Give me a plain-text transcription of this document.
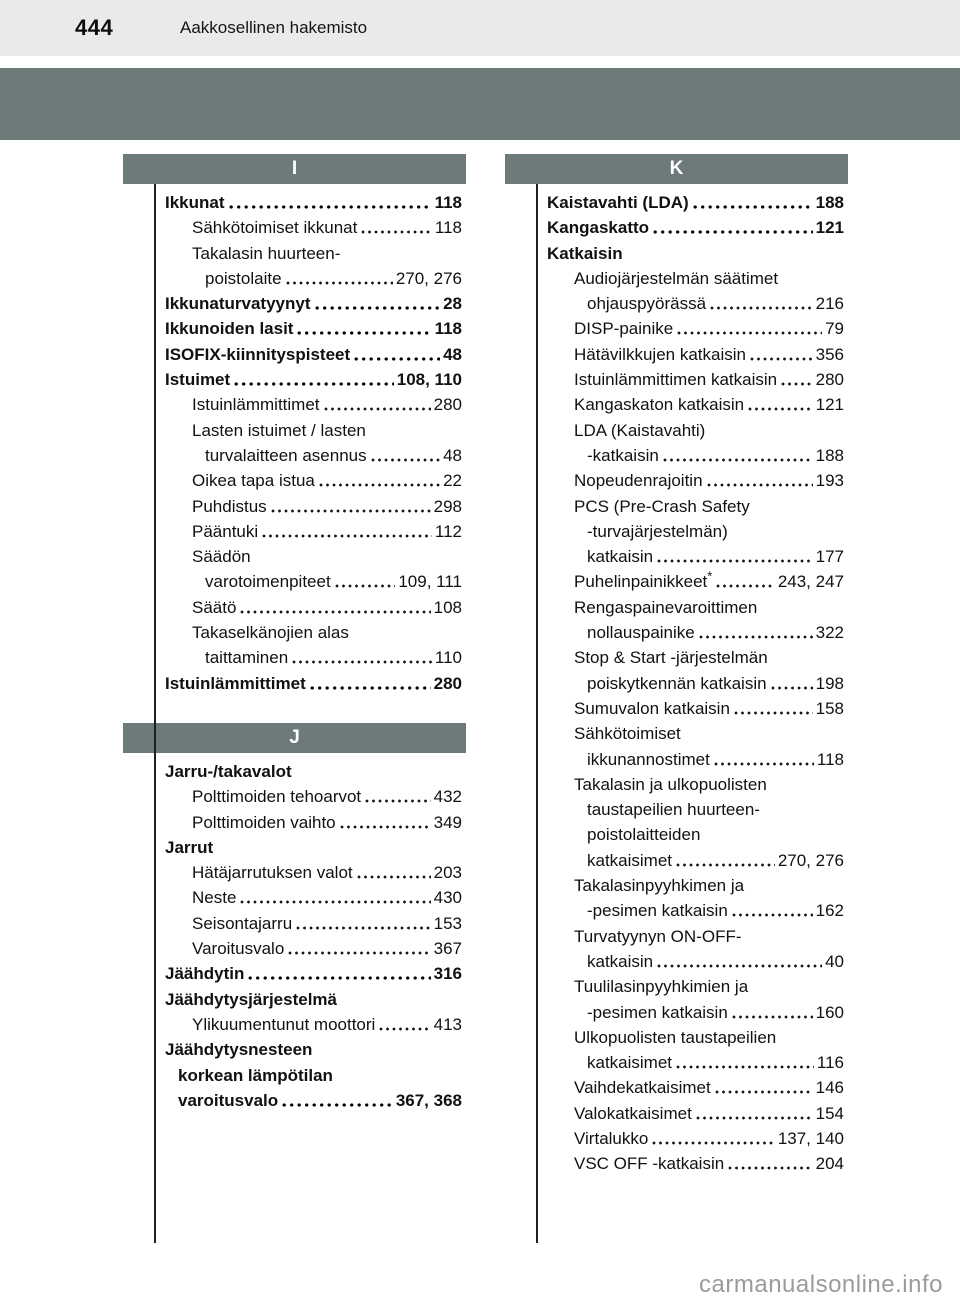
444	Aakkosellinen hakemisto
I
Ikkunat	118
Sähkötoimiset ikkunat	118
Takalasin huurteen-
poistolaite	270, 276
Ikkunaturvatyynyt	28
Ikkunoiden lasit	118
ISOFIX-kiinnityspisteet	48
Istuimet	108, 110
Istuinlämmittimet	280
Lasten istuimet / lasten
turvalaitteen asennus	48
Oikea tapa istua	22
Puhdistus	298
Pääntuki	112
Säädön
varotoimenpiteet	109, 111
Säätö	108
Takaselkänojien alas
taittaminen	110
Istuinlämmittimet	280
J
Jarru-/takavalot
Polttimoiden tehoarvot	432
Polttimoiden vaihto	349
Jarrut
Hätäjarrutuksen valot	203
Neste	430
Seisontajarru	153
Varoitusvalo	367
Jäähdytin	316
Jäähdytysjärjestelmä
Ylikuumentunut moottori	413
Jäähdytysnesteen
korkean lämpötilan
varoitusvalo	367, 368
K
Kaistavahti (LDA)	188
Kangaskatto	121
Katkaisin
Audiojärjestelmän säätimet
ohjauspyörässä	216
DISP-painike	79
Hätävilkkujen katkaisin	356
Istuinlämmittimen katkaisin 280
Kangaskaton katkaisin	121
LDA (Kaistavahti)
-katkaisin	188
Nopeudenrajoitin	193
PCS (Pre-Crash Safety
-turvajärjestelmän)
katkaisin	177
Puhelinpainikkeet*	243, 247
Rengaspainevaroittimen
nollauspainike	322
Stop & Start -järjestelmän
poiskytkennän katkaisin	198
Sumuvalon katkaisin	158
Sähkötoimiset
ikkunannostimet	118
Takalasin ja ulkopuolisten
taustapeilien huurteen-
poistolaitteiden
katkaisimet	270, 276
Takalasinpyyhkimen ja
-pesimen katkaisin	162
Turvatyynyn ON-OFF-
katkaisin	40
Tuulilasinpyyhkimien ja
-pesimen katkaisin	160
Ulkopuolisten taustapeilien
katkaisimet	116
Vaihdekatkaisimet	146
Valokatkaisimet	154
Virtalukko	137, 140
VSC OFF -katkaisin	204
carmanualsonline.info
